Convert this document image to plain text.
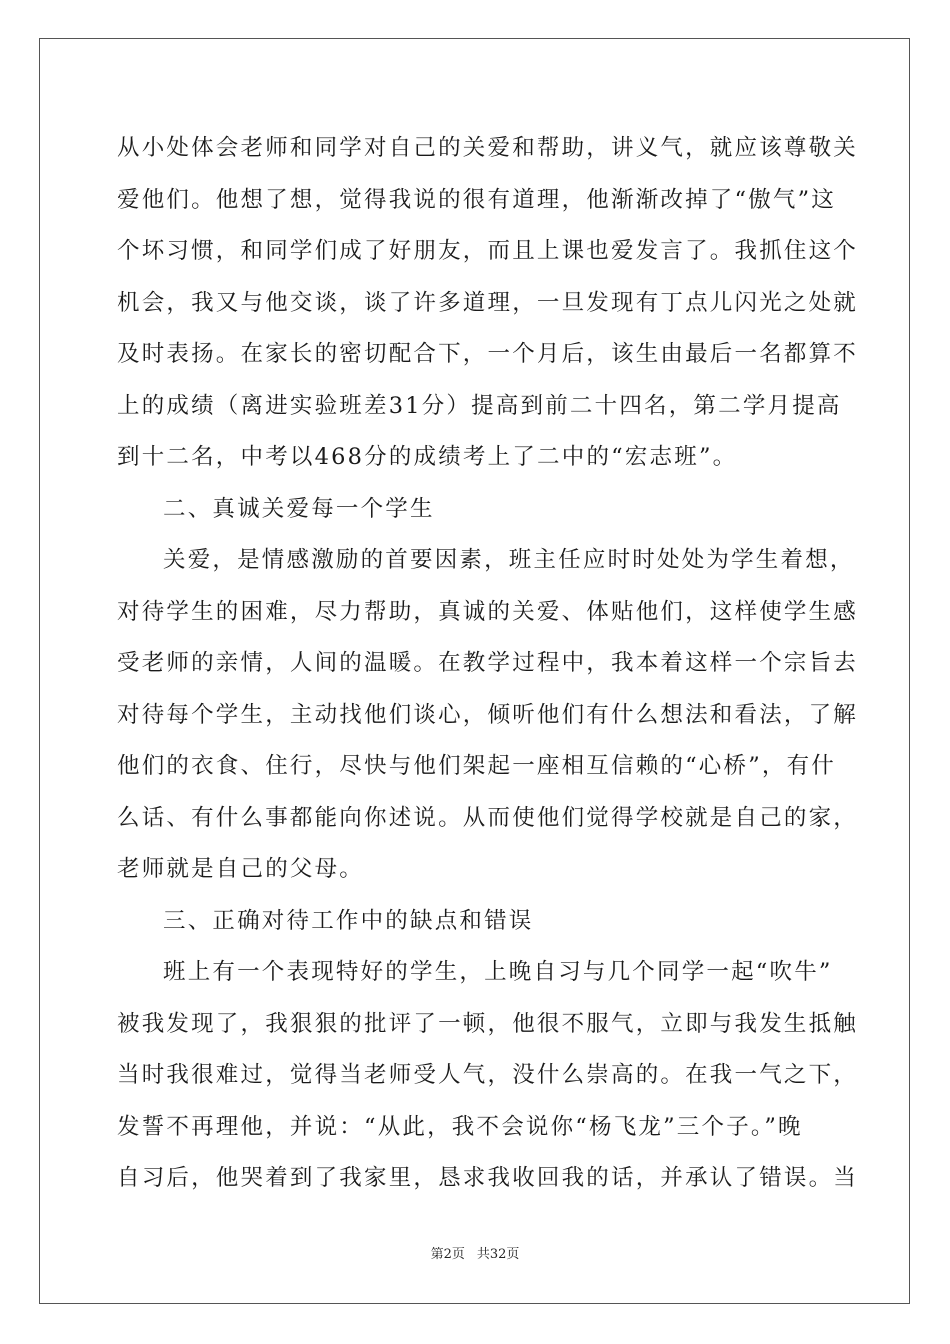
从小处体会老师和同学对自己的关爱和帮助，讲义气，就应该尊敬关
爱他们。他想了想，觉得我说的很有道理，他渐渐改掉了“傲气”这
个坏习惯，和同学们成了好朋友，而且上课也爱发言了。我抓住这个
机会，我又与他交谈，谈了许多道理，一旦发现有丁点儿闪光之处就
及时表扬。在家长的密切配合下，一个月后，该生由最后一名都算不
上的成绩（离进实验班差31分）提高到前二十四名，第二学月提高
到十二名，中考以468分的成绩考上了二中的“宏志班”。
二、真诚关爱每一个学生
关爱，是情感激励的首要因素，班主任应时时处处为学生着想，
对待学生的困难，尽力帮助，真诚的关爱、体贴他们，这样使学生感
受老师的亲情，人间的温暖。在教学过程中，我本着这样一个宗旨去
对待每个学生，主动找他们谈心，倾听他们有什么想法和看法，了解
他们的衣食、住行，尽快与他们架起一座相互信赖的“心桥”，有什
么话、有什么事都能向你述说。从而使他们觉得学校就是自己的家，
老师就是自己的父母。
三、正确对待工作中的缺点和错误
班上有一个表现特好的学生，上晚自习与几个同学一起“吹牛”
被我发现了，我狠狠的批评了一顿，他很不服气，立即与我发生抵触
当时我很难过，觉得当老师受人气，没什么崇高的。在我一气之下，
发誓不再理他，并说：“从此，我不会说你“杨飞龙”三个子。”晚
自习后，他哭着到了我家里，恳求我收回我的话，并承认了错误。当
第2页 共32页
